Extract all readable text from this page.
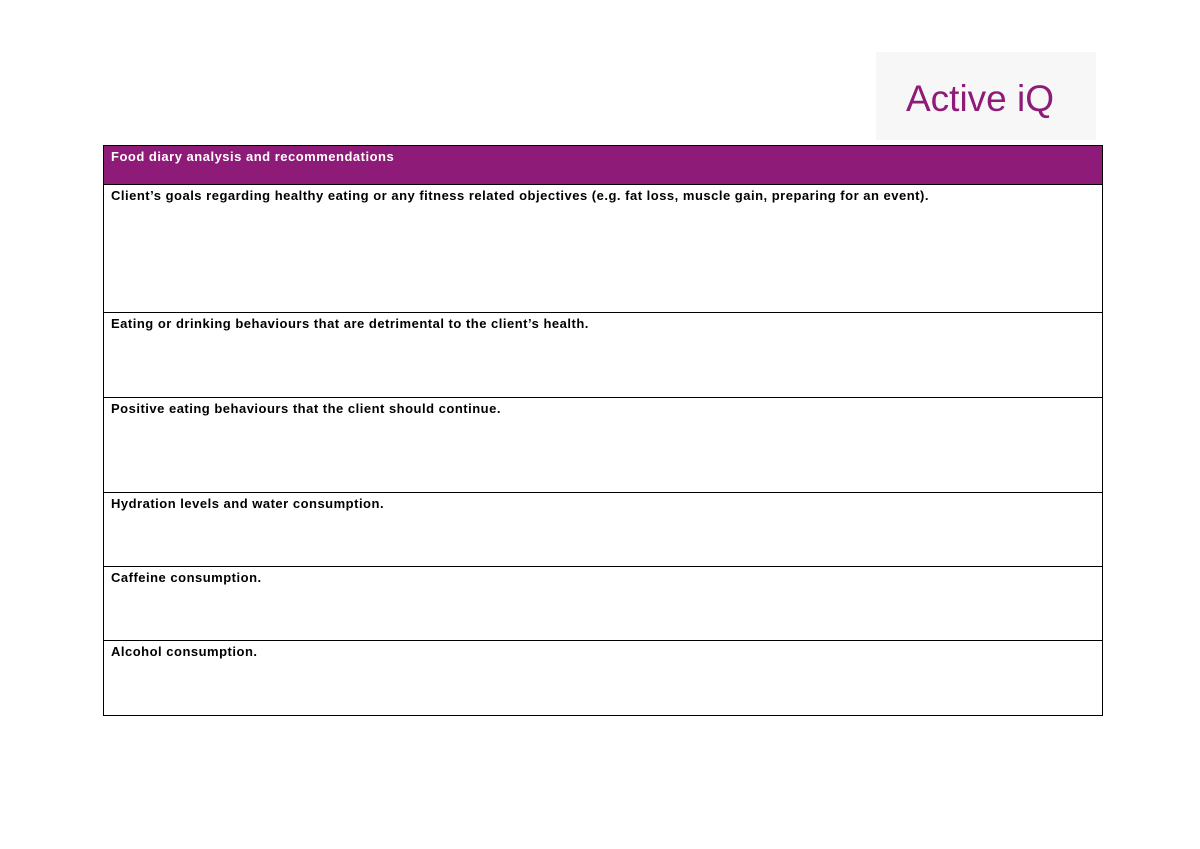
Active iQ
Food diary analysis and recommendations
Client’s goals regarding healthy eating or any fitness related objectives (e.g. fat loss, muscle gain, preparing for an event).
Eating or drinking behaviours that are detrimental to the client’s health.
Positive eating behaviours that the client should continue.
Hydration levels and water consumption.
Caffeine consumption.
Alcohol consumption.
